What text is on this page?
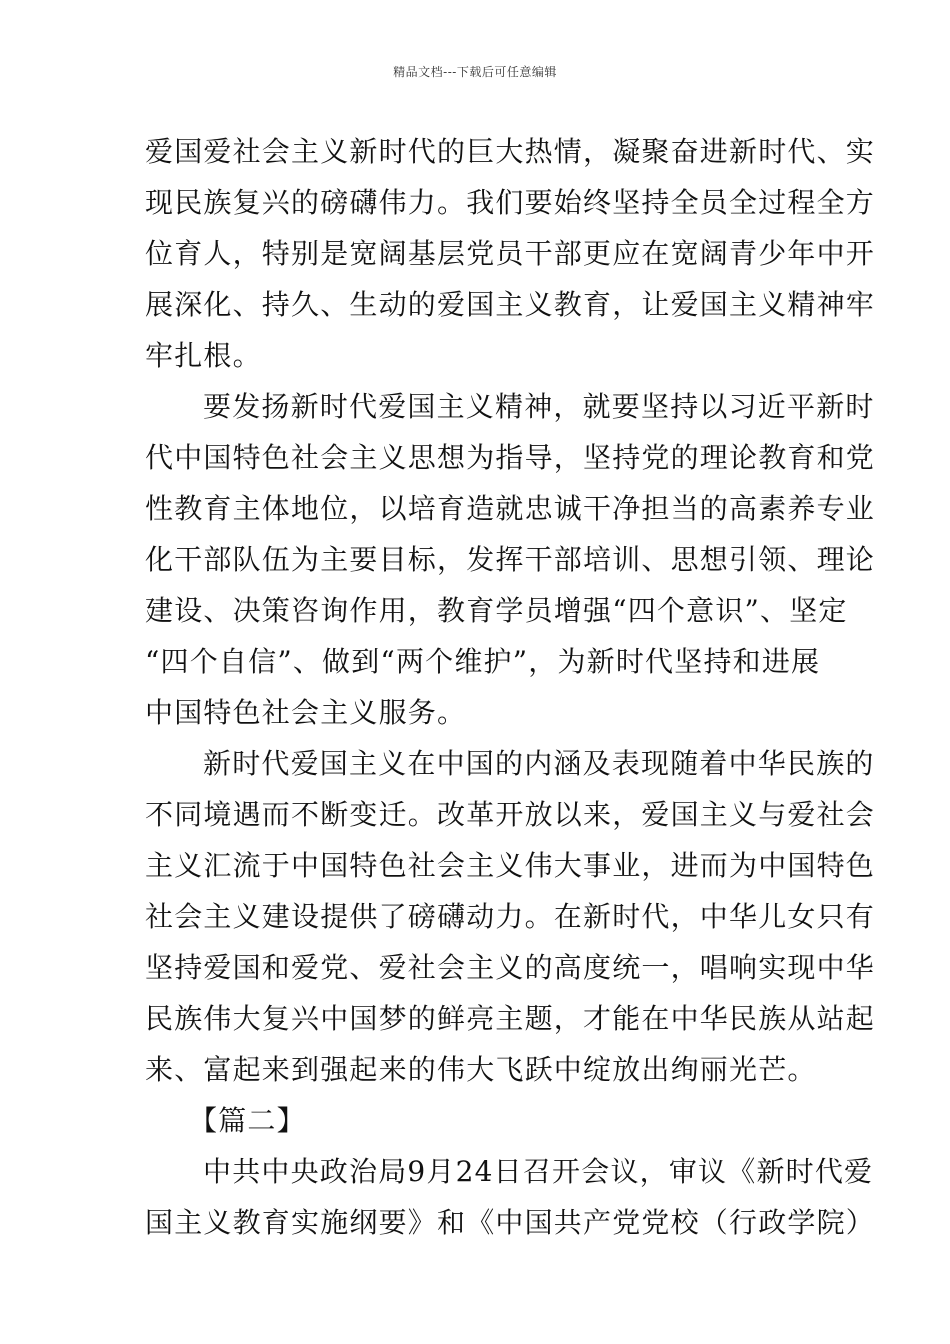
精品文档---下载后可任意编辑
爱国爱社会主义新时代的巨大热情，凝聚奋进新时代、实
现民族复兴的磅礴伟力。我们要始终坚持全员全过程全方
位育人，特别是宽阔基层党员干部更应在宽阔青少年中开
展深化、持久、生动的爱国主义教育，让爱国主义精神牢
牢扎根。
要发扬新时代爱国主义精神，就要坚持以习近平新时
代中国特色社会主义思想为指导，坚持党的理论教育和党
性教育主体地位，以培育造就忠诚干净担当的高素养专业
化干部队伍为主要目标，发挥干部培训、思想引领、理论
建设、决策咨询作用，教育学员增强“四个意识”、坚定
“四个自信”、做到“两个维护”，为新时代坚持和进展
中国特色社会主义服务。
新时代爱国主义在中国的内涵及表现随着中华民族的
不同境遇而不断变迁。改革开放以来，爱国主义与爱社会
主义汇流于中国特色社会主义伟大事业，进而为中国特色
社会主义建设提供了磅礴动力。在新时代，中华儿女只有
坚持爱国和爱党、爱社会主义的高度统一，唱响实现中华
民族伟大复兴中国梦的鲜亮主题，才能在中华民族从站起
来、富起来到强起来的伟大飞跃中绽放出绚丽光芒。
【篇二】
中共中央政治局9月24日召开会议，审议《新时代爱
国主义教育实施纲要》和《中国共产党党校（行政学院）
